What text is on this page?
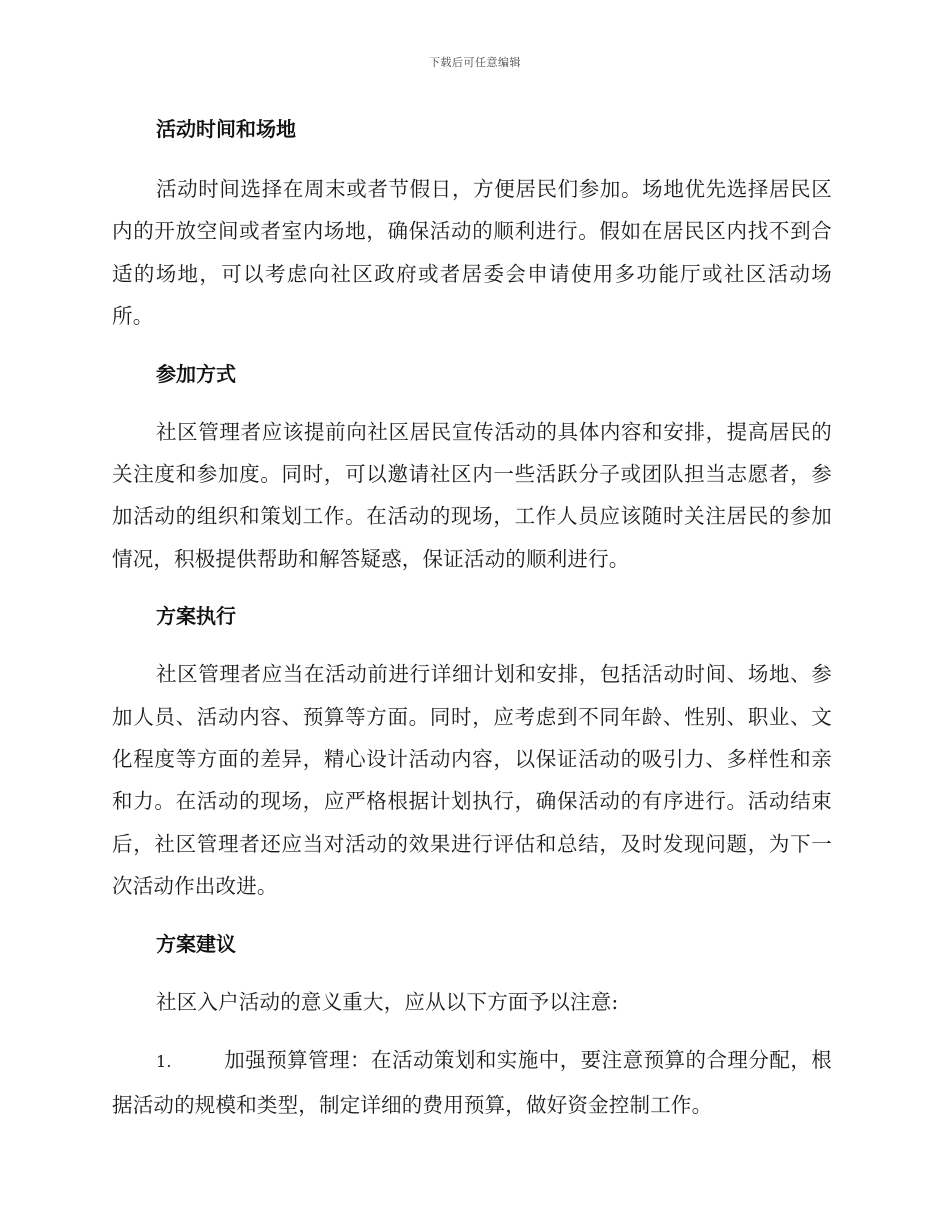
下载后可任意编辑
活动时间和场地

活动时间选择在周末或者节假日，方便居民们参加。场地优先选择居民区内的开放空间或者室内场地，确保活动的顺利进行。假如在居民区内找不到合适的场地，可以考虑向社区政府或者居委会申请使用多功能厅或社区活动场所。

参加方式

社区管理者应该提前向社区居民宣传活动的具体内容和安排，提高居民的关注度和参加度。同时，可以邀请社区内一些活跃分子或团队担当志愿者，参加活动的组织和策划工作。在活动的现场，工作人员应该随时关注居民的参加情况，积极提供帮助和解答疑惑，保证活动的顺利进行。

方案执行

社区管理者应当在活动前进行详细计划和安排，包括活动时间、场地、参加人员、活动内容、预算等方面。同时，应考虑到不同年龄、性别、职业、文化程度等方面的差异，精心设计活动内容，以保证活动的吸引力、多样性和亲和力。在活动的现场，应严格根据计划执行，确保活动的有序进行。活动结束后，社区管理者还应当对活动的效果进行评估和总结，及时发现问题，为下一次活动作出改进。

方案建议

社区入户活动的意义重大，应从以下方面予以注意:

1.	加强预算管理：在活动策划和实施中，要注意预算的合理分配，根据活动的规模和类型，制定详细的费用预算，做好资金控制工作。
